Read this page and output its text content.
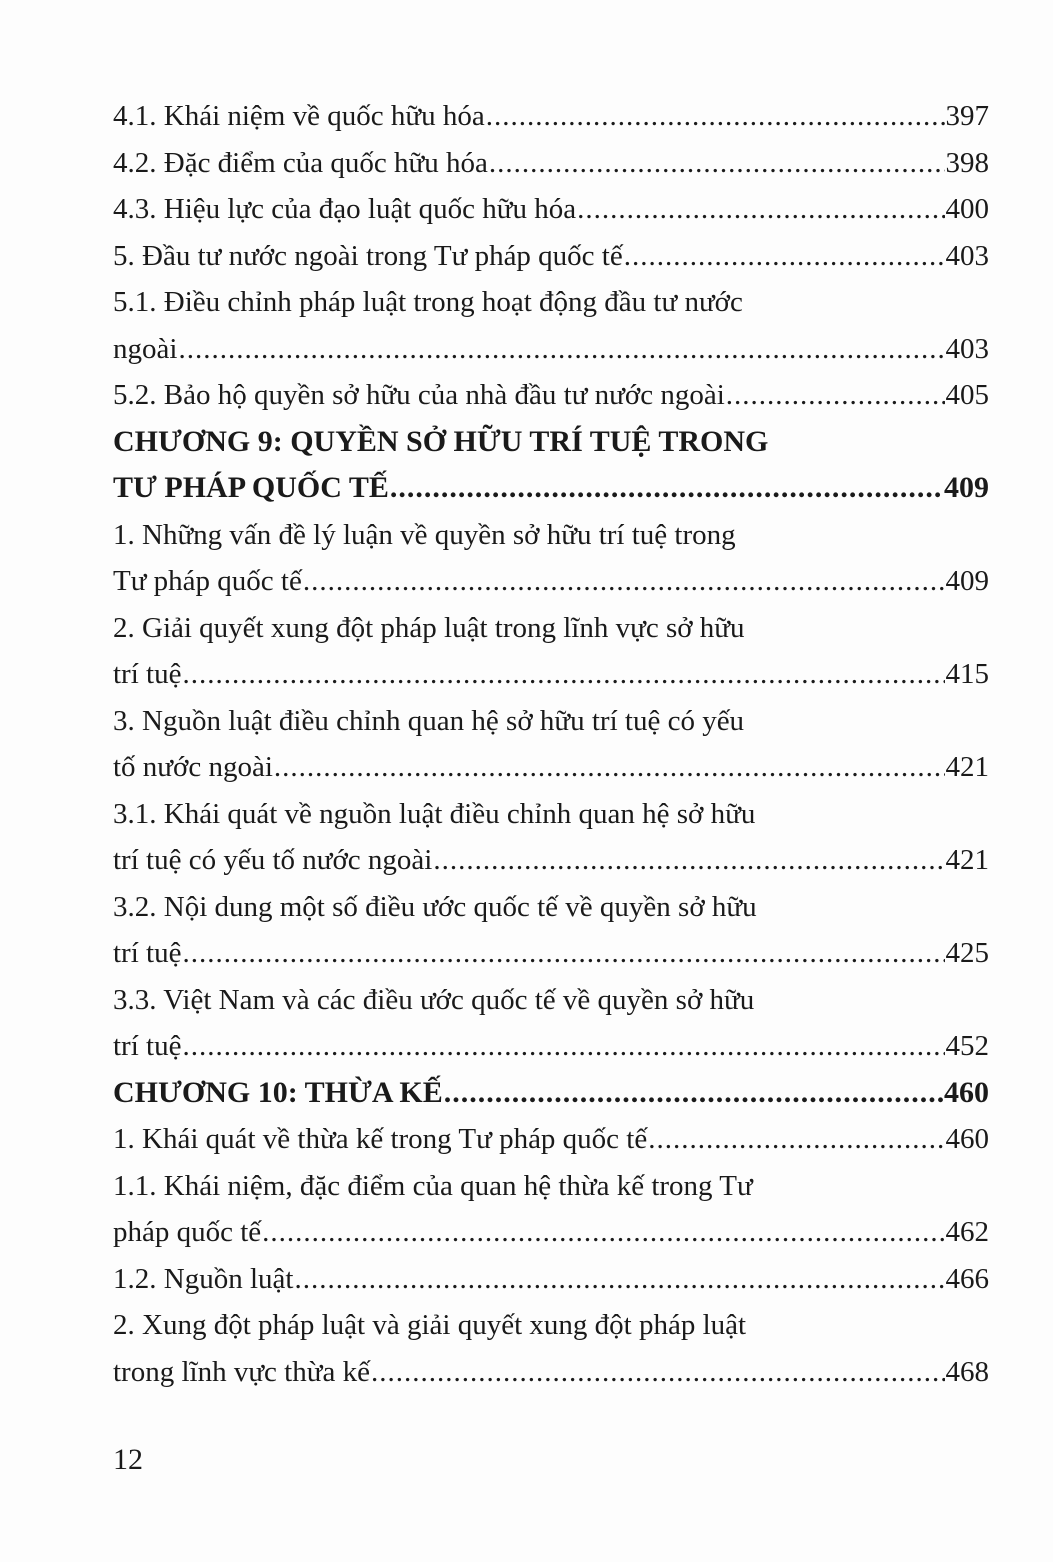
4.1. Khái niệm về quốc hữu hóa .....	397
4.2. Đặc điểm của quốc hữu hóa .....	398
4.3. Hiệu lực của đạo luật quốc hữu hóa .....	400
5. Đầu tư nước ngoài trong Tư pháp quốc tế .....	403
5.1. Điều chỉnh pháp luật trong hoạt động đầu tư nước
ngoài .....	403
5.2. Bảo hộ quyền sở hữu của nhà đầu tư nước ngoài .....	405
CHƯƠNG 9: QUYỀN SỞ HỮU TRÍ TUỆ TRONG
TƯ PHÁP QUỐC TẾ .....	409
1. Những vấn đề lý luận về quyền sở hữu trí tuệ trong
Tư pháp quốc tế .....	409
2. Giải quyết xung đột pháp luật trong lĩnh vực sở hữu
trí tuệ .....	415
3. Nguồn luật điều chỉnh quan hệ sở hữu trí tuệ có yếu
tố nước ngoài .....	421
3.1. Khái quát về nguồn luật điều chỉnh quan hệ sở hữu
trí tuệ có yếu tố nước ngoài .....	421
3.2. Nội dung một số điều ước quốc tế về quyền sở hữu
trí tuệ .....	425
3.3. Việt Nam và các điều ước quốc tế về quyền sở hữu
trí tuệ .....	452
CHƯƠNG 10: THỪA KẾ .....	460
1. Khái quát về thừa kế trong Tư pháp quốc tế .....	460
1.1. Khái niệm, đặc điểm của quan hệ thừa kế trong Tư
pháp quốc tế .....	462
1.2. Nguồn luật .....	466
2. Xung đột pháp luật và giải quyết xung đột pháp luật
trong lĩnh vực thừa kế .....	468
12
